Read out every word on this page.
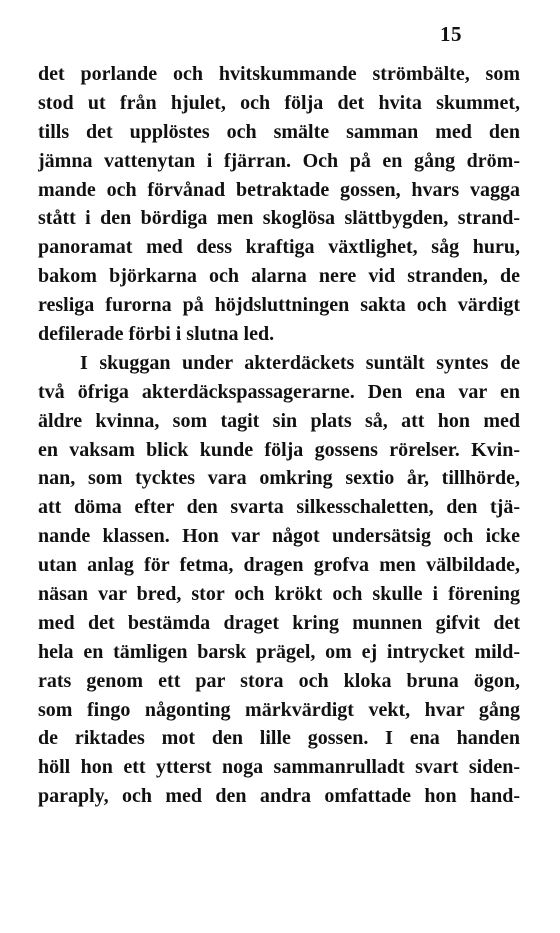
15
det porlande och hvitskummande strömbälte, som
stod ut från hjulet, och följa det hvita skummet,
tills det upplöstes och smälte samman med den
jämna vattenytan i fjärran. Och på en gång dröm-
mande och förvånad betraktade gossen, hvars vagga
stått i den bördiga men skoglösa slättbygden, strand-
panoramat med dess kraftiga växtlighet, såg huru,
bakom björkarna och alarna nere vid stranden, de
resliga furorna på höjdsluttningen sakta och värdigt
defilerade förbi i slutna led.
I skuggan under akterdäckets suntält syntes de
två öfriga akterdäckspassagerarne. Den ena var en
äldre kvinna, som tagit sin plats så, att hon med
en vaksam blick kunde följa gossens rörelser. Kvin-
nan, som tycktes vara omkring sextio år, tillhörde,
att döma efter den svarta silkesschaletten, den tjä-
nande klassen. Hon var något undersätsig och icke
utan anlag för fetma, dragen grofva men välbildade,
näsan var bred, stor och krökt och skulle i förening
med det bestämda draget kring munnen gifvit det
hela en tämligen barsk prägel, om ej intrycket mild-
rats genom ett par stora och kloka bruna ögon,
som fingo någonting märkvärdigt vekt, hvar gång
de riktades mot den lille gossen. I ena handen
höll hon ett ytterst noga sammanrulladt svart siden-
paraply, och med den andra omfattade hon hand-
